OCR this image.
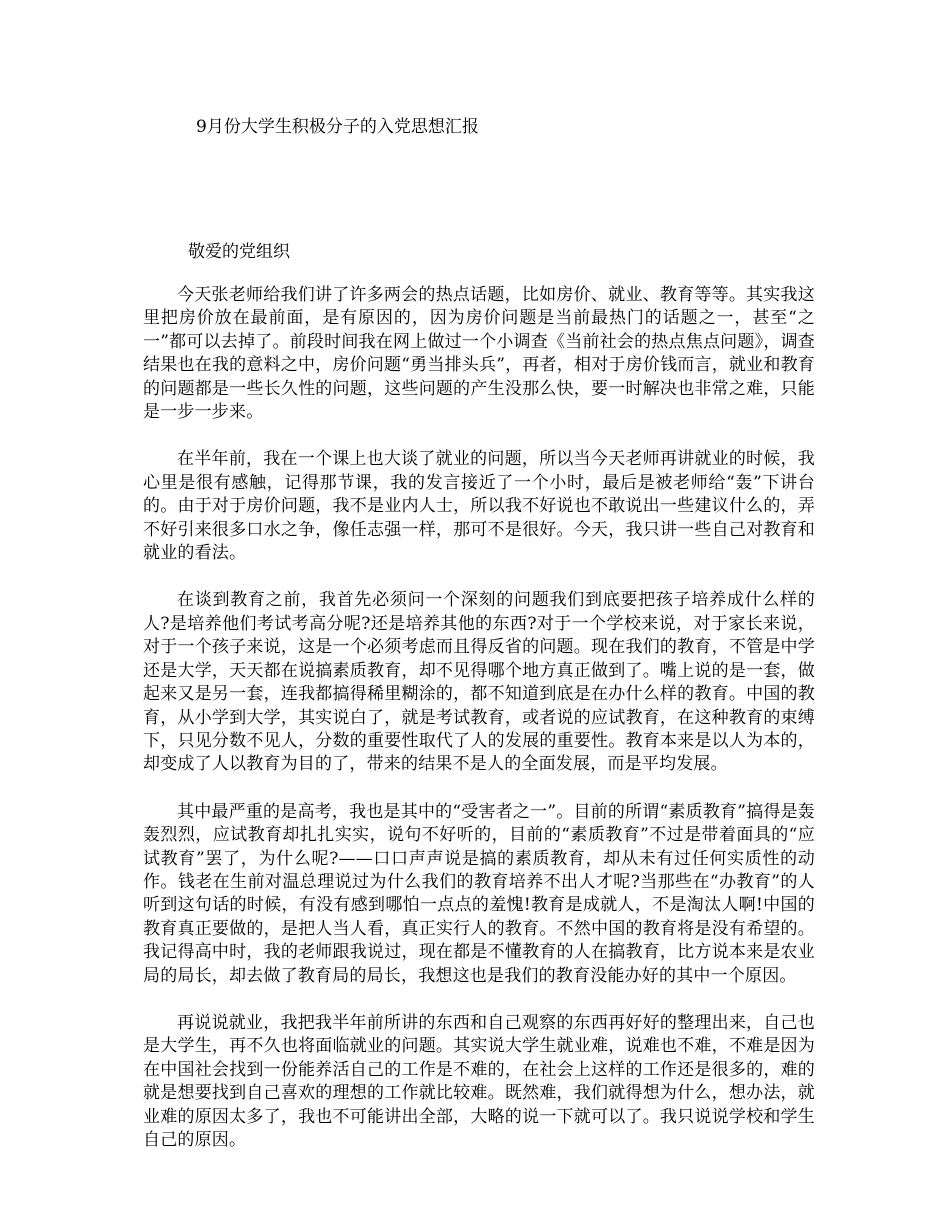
9月份大学生积极分子的入党思想汇报
敬爱的党组织

今天张老师给我们讲了许多两会的热点话题，比如房价、就业、教育等等。其实我这里把房价放在最前面，是有原因的，因为房价问题是当前最热门的话题之一，甚至“之一”都可以去掉了。前段时间我在网上做过一个小调查《当前社会的热点焦点问题》，调查结果也在我的意料之中，房价问题“勇当排头兵”，再者，相对于房价钱而言，就业和教育的问题都是一些长久性的问题，这些问题的产生没那么快，要一时解决也非常之难，只能是一步一步来。

在半年前，我在一个课上也大谈了就业的问题，所以当今天老师再讲就业的时候，我心里是很有感触，记得那节课，我的发言接近了一个小时，最后是被老师给“轰”下讲台的。由于对于房价问题，我不是业内人士，所以我不好说也不敢说出一些建议什么的，弄不好引来很多口水之争，像任志强一样，那可不是很好。今天，我只讲一些自己对教育和就业的看法。

在谈到教育之前，我首先必须问一个深刻的问题我们到底要把孩子培养成什么样的人?是培养他们考试考高分呢?还是培养其他的东西?对于一个学校来说，对于家长来说，对于一个孩子来说，这是一个必须考虑而且得反省的问题。现在我们的教育，不管是中学还是大学，天天都在说搞素质教育，却不见得哪个地方真正做到了。嘴上说的是一套，做起来又是另一套，连我都搞得稀里糊涂的，都不知道到底是在办什么样的教育。中国的教育，从小学到大学，其实说白了，就是考试教育，或者说的应试教育，在这种教育的束缚下，只见分数不见人，分数的重要性取代了人的发展的重要性。教育本来是以人为本的，却变成了人以教育为目的了，带来的结果不是人的全面发展，而是平均发展。

其中最严重的是高考，我也是其中的“受害者之一”。目前的所谓“素质教育”搞得是轰轰烈烈，应试教育却扎扎实实，说句不好听的，目前的“素质教育”不过是带着面具的“应试教育”罢了，为什么呢?——口口声声说是搞的素质教育，却从未有过任何实质性的动作。钱老在生前对温总理说过为什么我们的教育培养不出人才呢?当那些在“办教育”的人听到这句话的时候，有没有感到哪怕一点点的羞愧!教育是成就人，不是淘汰人啊!中国的教育真正要做的，是把人当人看，真正实行人的教育。不然中国的教育将是没有希望的。我记得高中时，我的老师跟我说过，现在都是不懂教育的人在搞教育，比方说本来是农业局的局长，却去做了教育局的局长，我想这也是我们的教育没能办好的其中一个原因。

再说说就业，我把我半年前所讲的东西和自己观察的东西再好好的整理出来，自己也是大学生，再不久也将面临就业的问题。其实说大学生就业难，说难也不难，不难是因为在中国社会找到一份能养活自己的工作是不难的，在社会上这样的工作还是很多的，难的就是想要找到自己喜欢的理想的工作就比较难。既然难，我们就得想为什么，想办法，就业难的原因太多了，我也不可能讲出全部，大略的说一下就可以了。我只说说学校和学生自己的原因。
